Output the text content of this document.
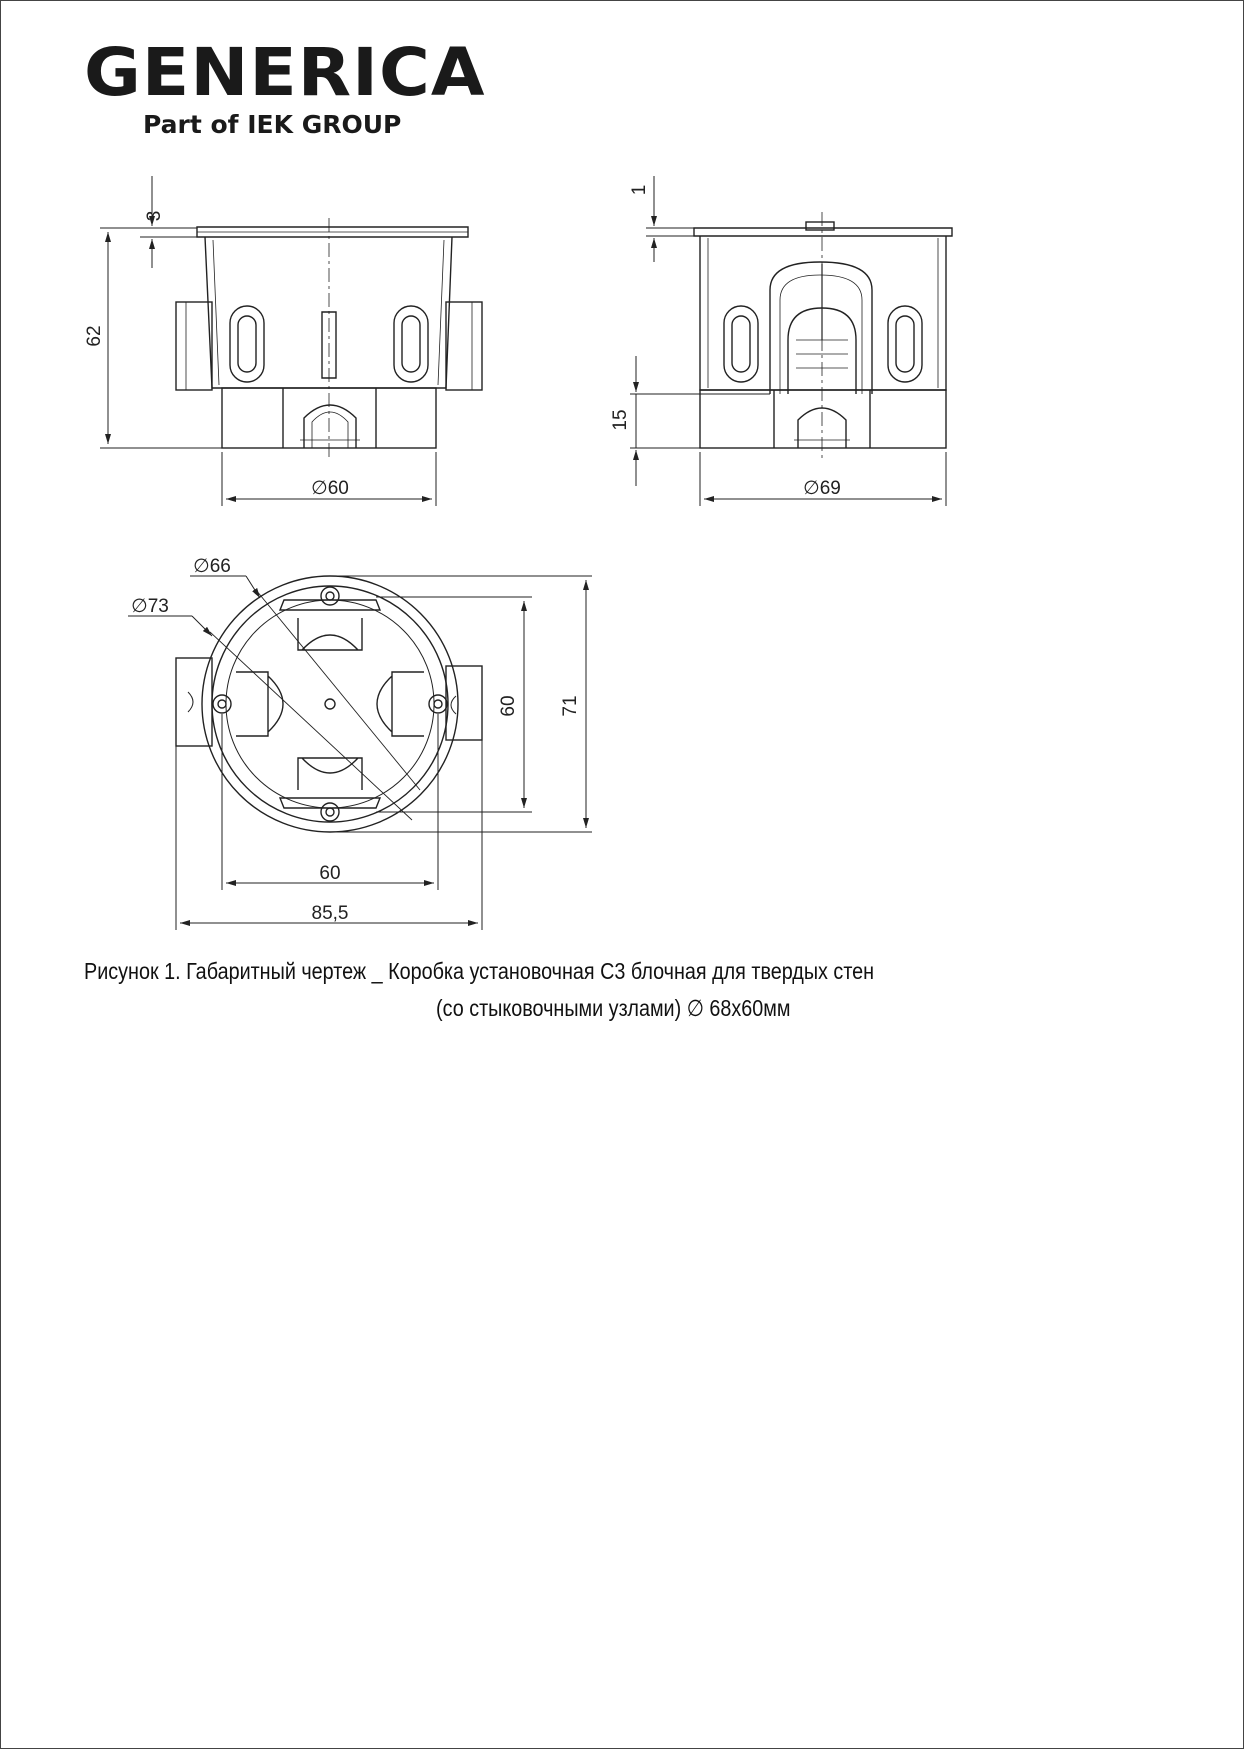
GENERICA
Part of IEK GROUP
3
62
∅60
1
15
∅69
∅66
∅73
60 71
60
85,5
Рисунок 1. Габаритный чертеж _ Коробка установочная С3 блочная для твердых стен
(со стыковочными узлами) ∅ 68х60мм
